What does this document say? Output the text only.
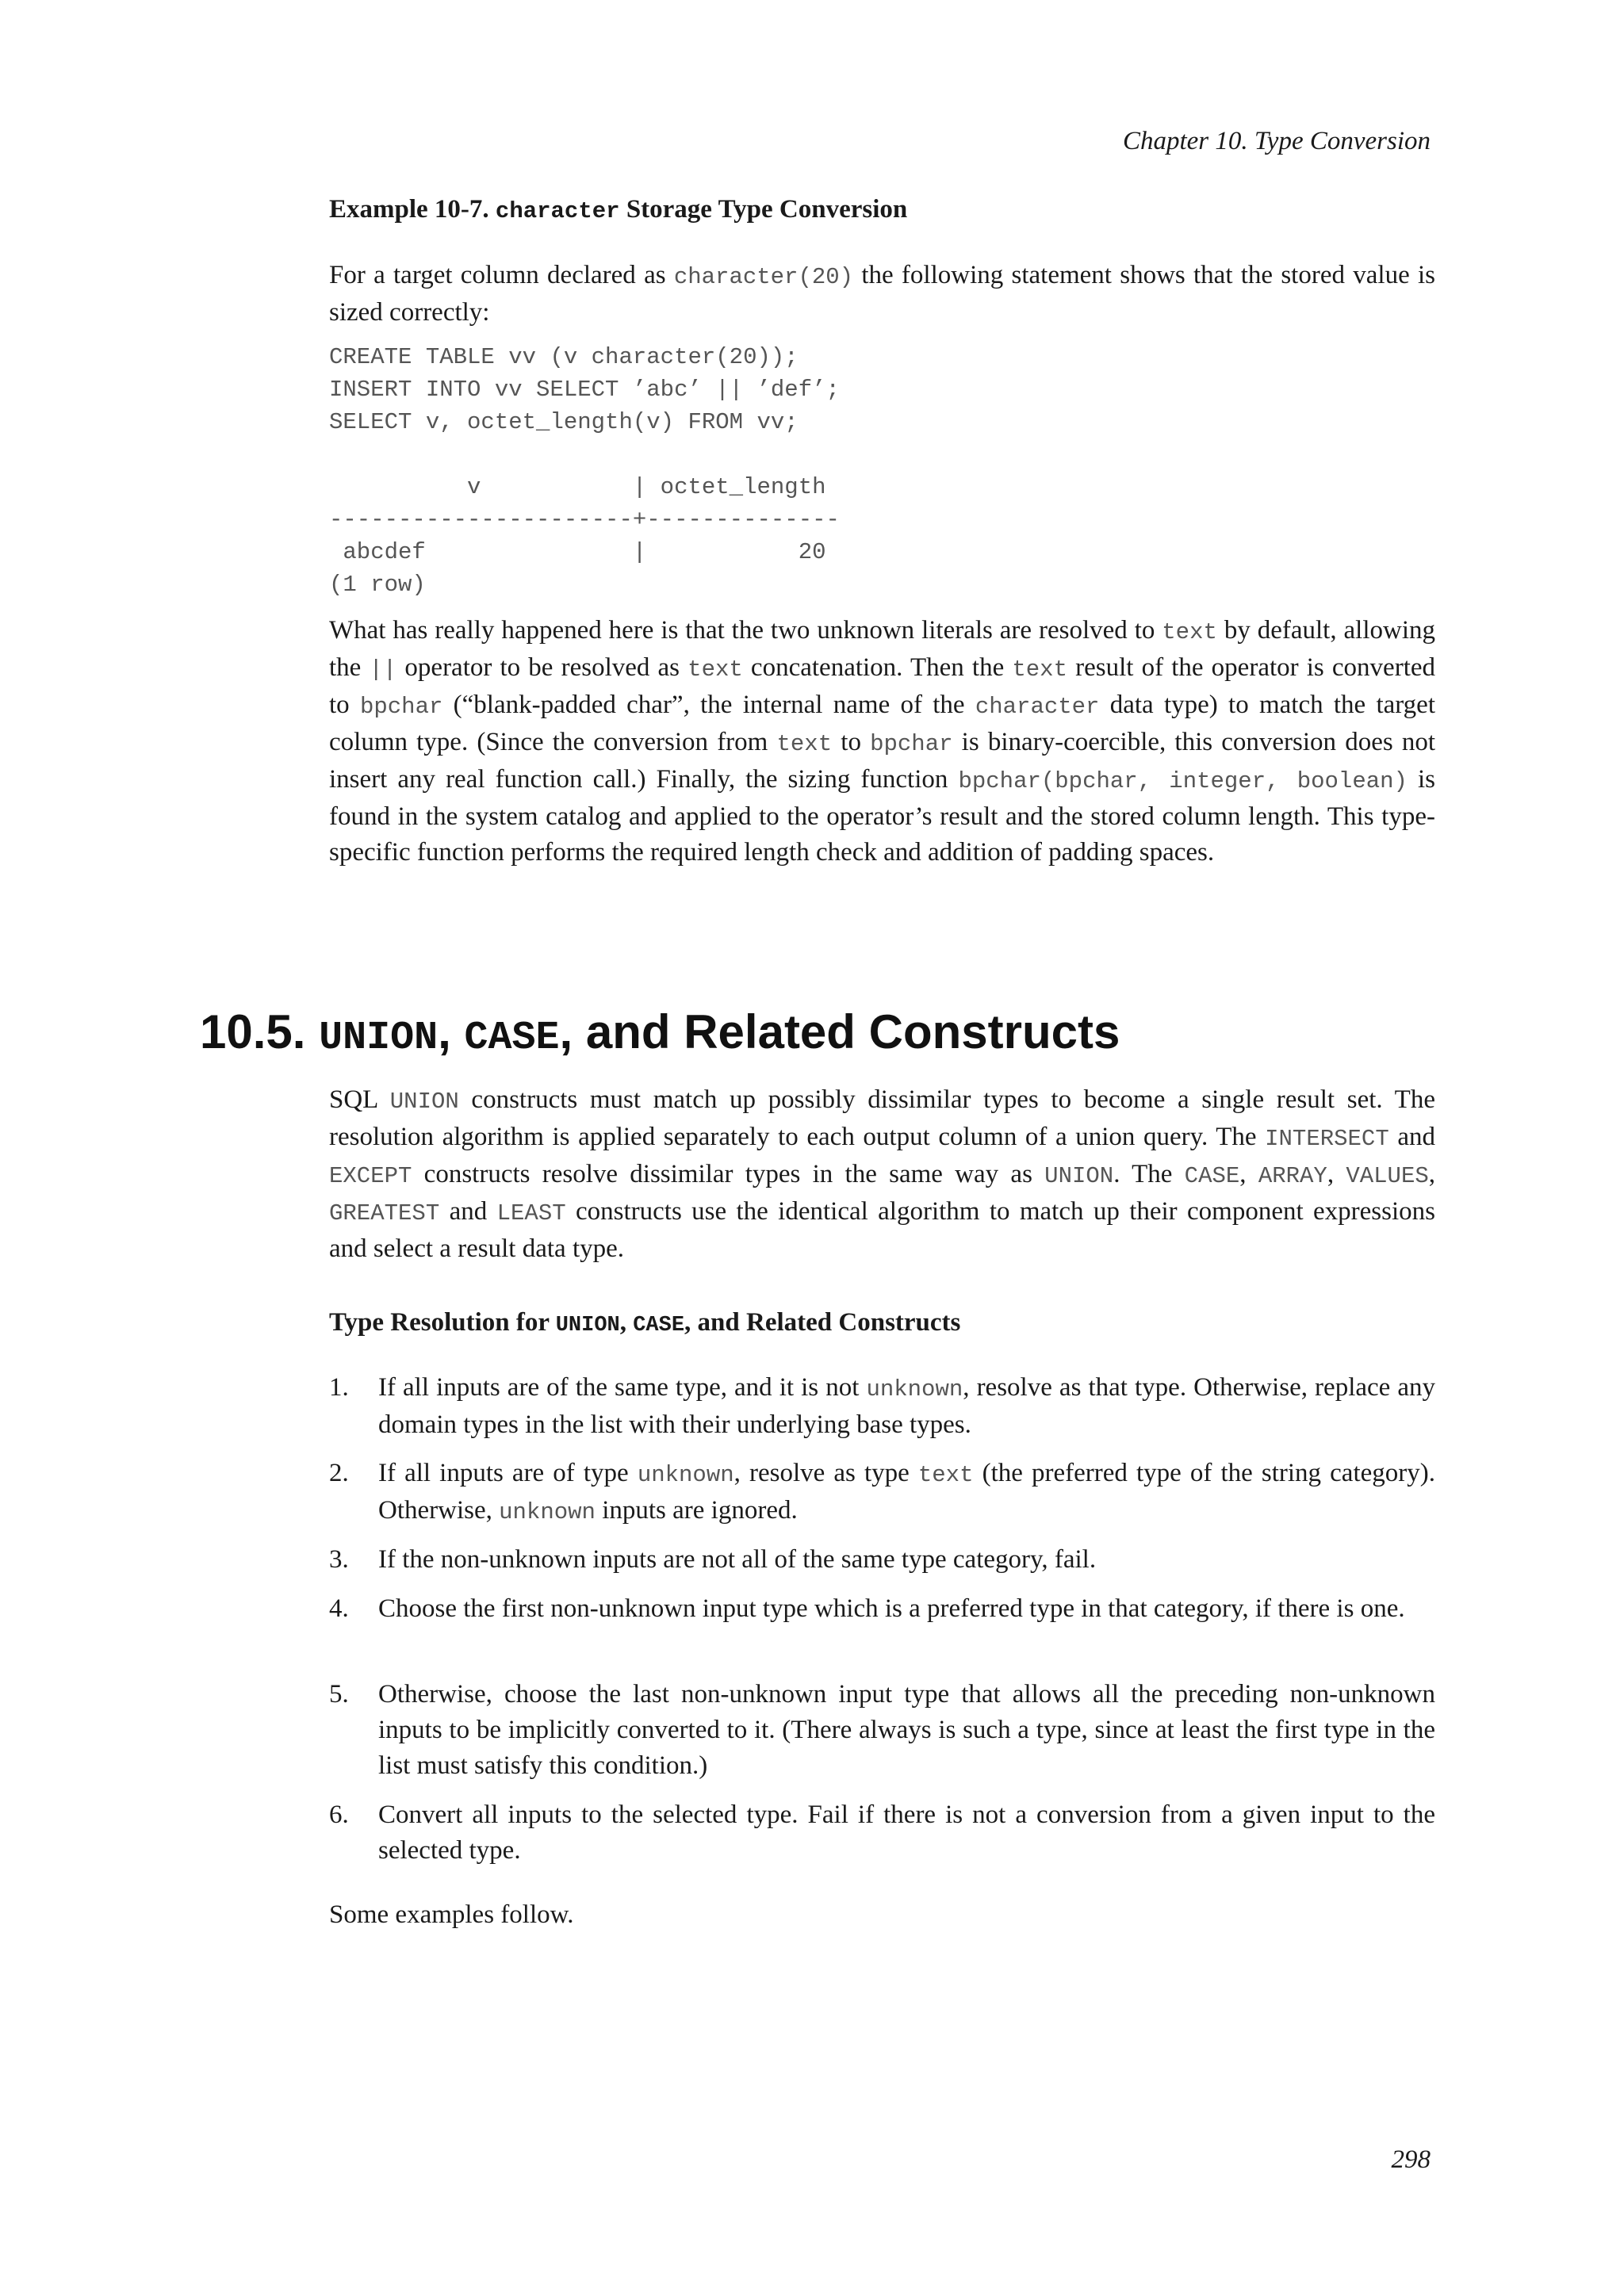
Chapter 10. Type Conversion
Example 10-7. character Storage Type Conversion
For a target column declared as character(20) the following statement shows that the stored value is sized correctly:
CREATE TABLE vv (v character(20));
INSERT INTO vv SELECT ’abc’ || ’def’;
SELECT v, octet_length(v) FROM vv;

v           | octet_length
----------------------+--------------
abcdef               |           20
(1 row)
What has really happened here is that the two unknown literals are resolved to text by default, allowing the || operator to be resolved as text concatenation. Then the text result of the operator is converted to bpchar (“blank-padded char”, the internal name of the character data type) to match the target column type. (Since the conversion from text to bpchar is binary-coercible, this conversion does not insert any real function call.) Finally, the sizing function bpchar(bpchar, integer, boolean) is found in the system catalog and applied to the operator’s result and the stored column length. This type-specific function performs the required length check and addition of padding spaces.
10.5. UNION, CASE, and Related Constructs
SQL UNION constructs must match up possibly dissimilar types to become a single result set. The resolution algorithm is applied separately to each output column of a union query. The INTERSECT and EXCEPT constructs resolve dissimilar types in the same way as UNION. The CASE, ARRAY, VALUES, GREATEST and LEAST constructs use the identical algorithm to match up their component expressions and select a result data type.
Type Resolution for UNION, CASE, and Related Constructs
1.	If all inputs are of the same type, and it is not unknown, resolve as that type. Otherwise, replace any domain types in the list with their underlying base types.
2.	If all inputs are of type unknown, resolve as type text (the preferred type of the string category). Otherwise, unknown inputs are ignored.
3.	If the non-unknown inputs are not all of the same type category, fail.
4.	Choose the first non-unknown input type which is a preferred type in that category, if there is one.
5.	Otherwise, choose the last non-unknown input type that allows all the preceding non-unknown inputs to be implicitly converted to it. (There always is such a type, since at least the first type in the list must satisfy this condition.)
6.	Convert all inputs to the selected type. Fail if there is not a conversion from a given input to the selected type.
Some examples follow.
298
